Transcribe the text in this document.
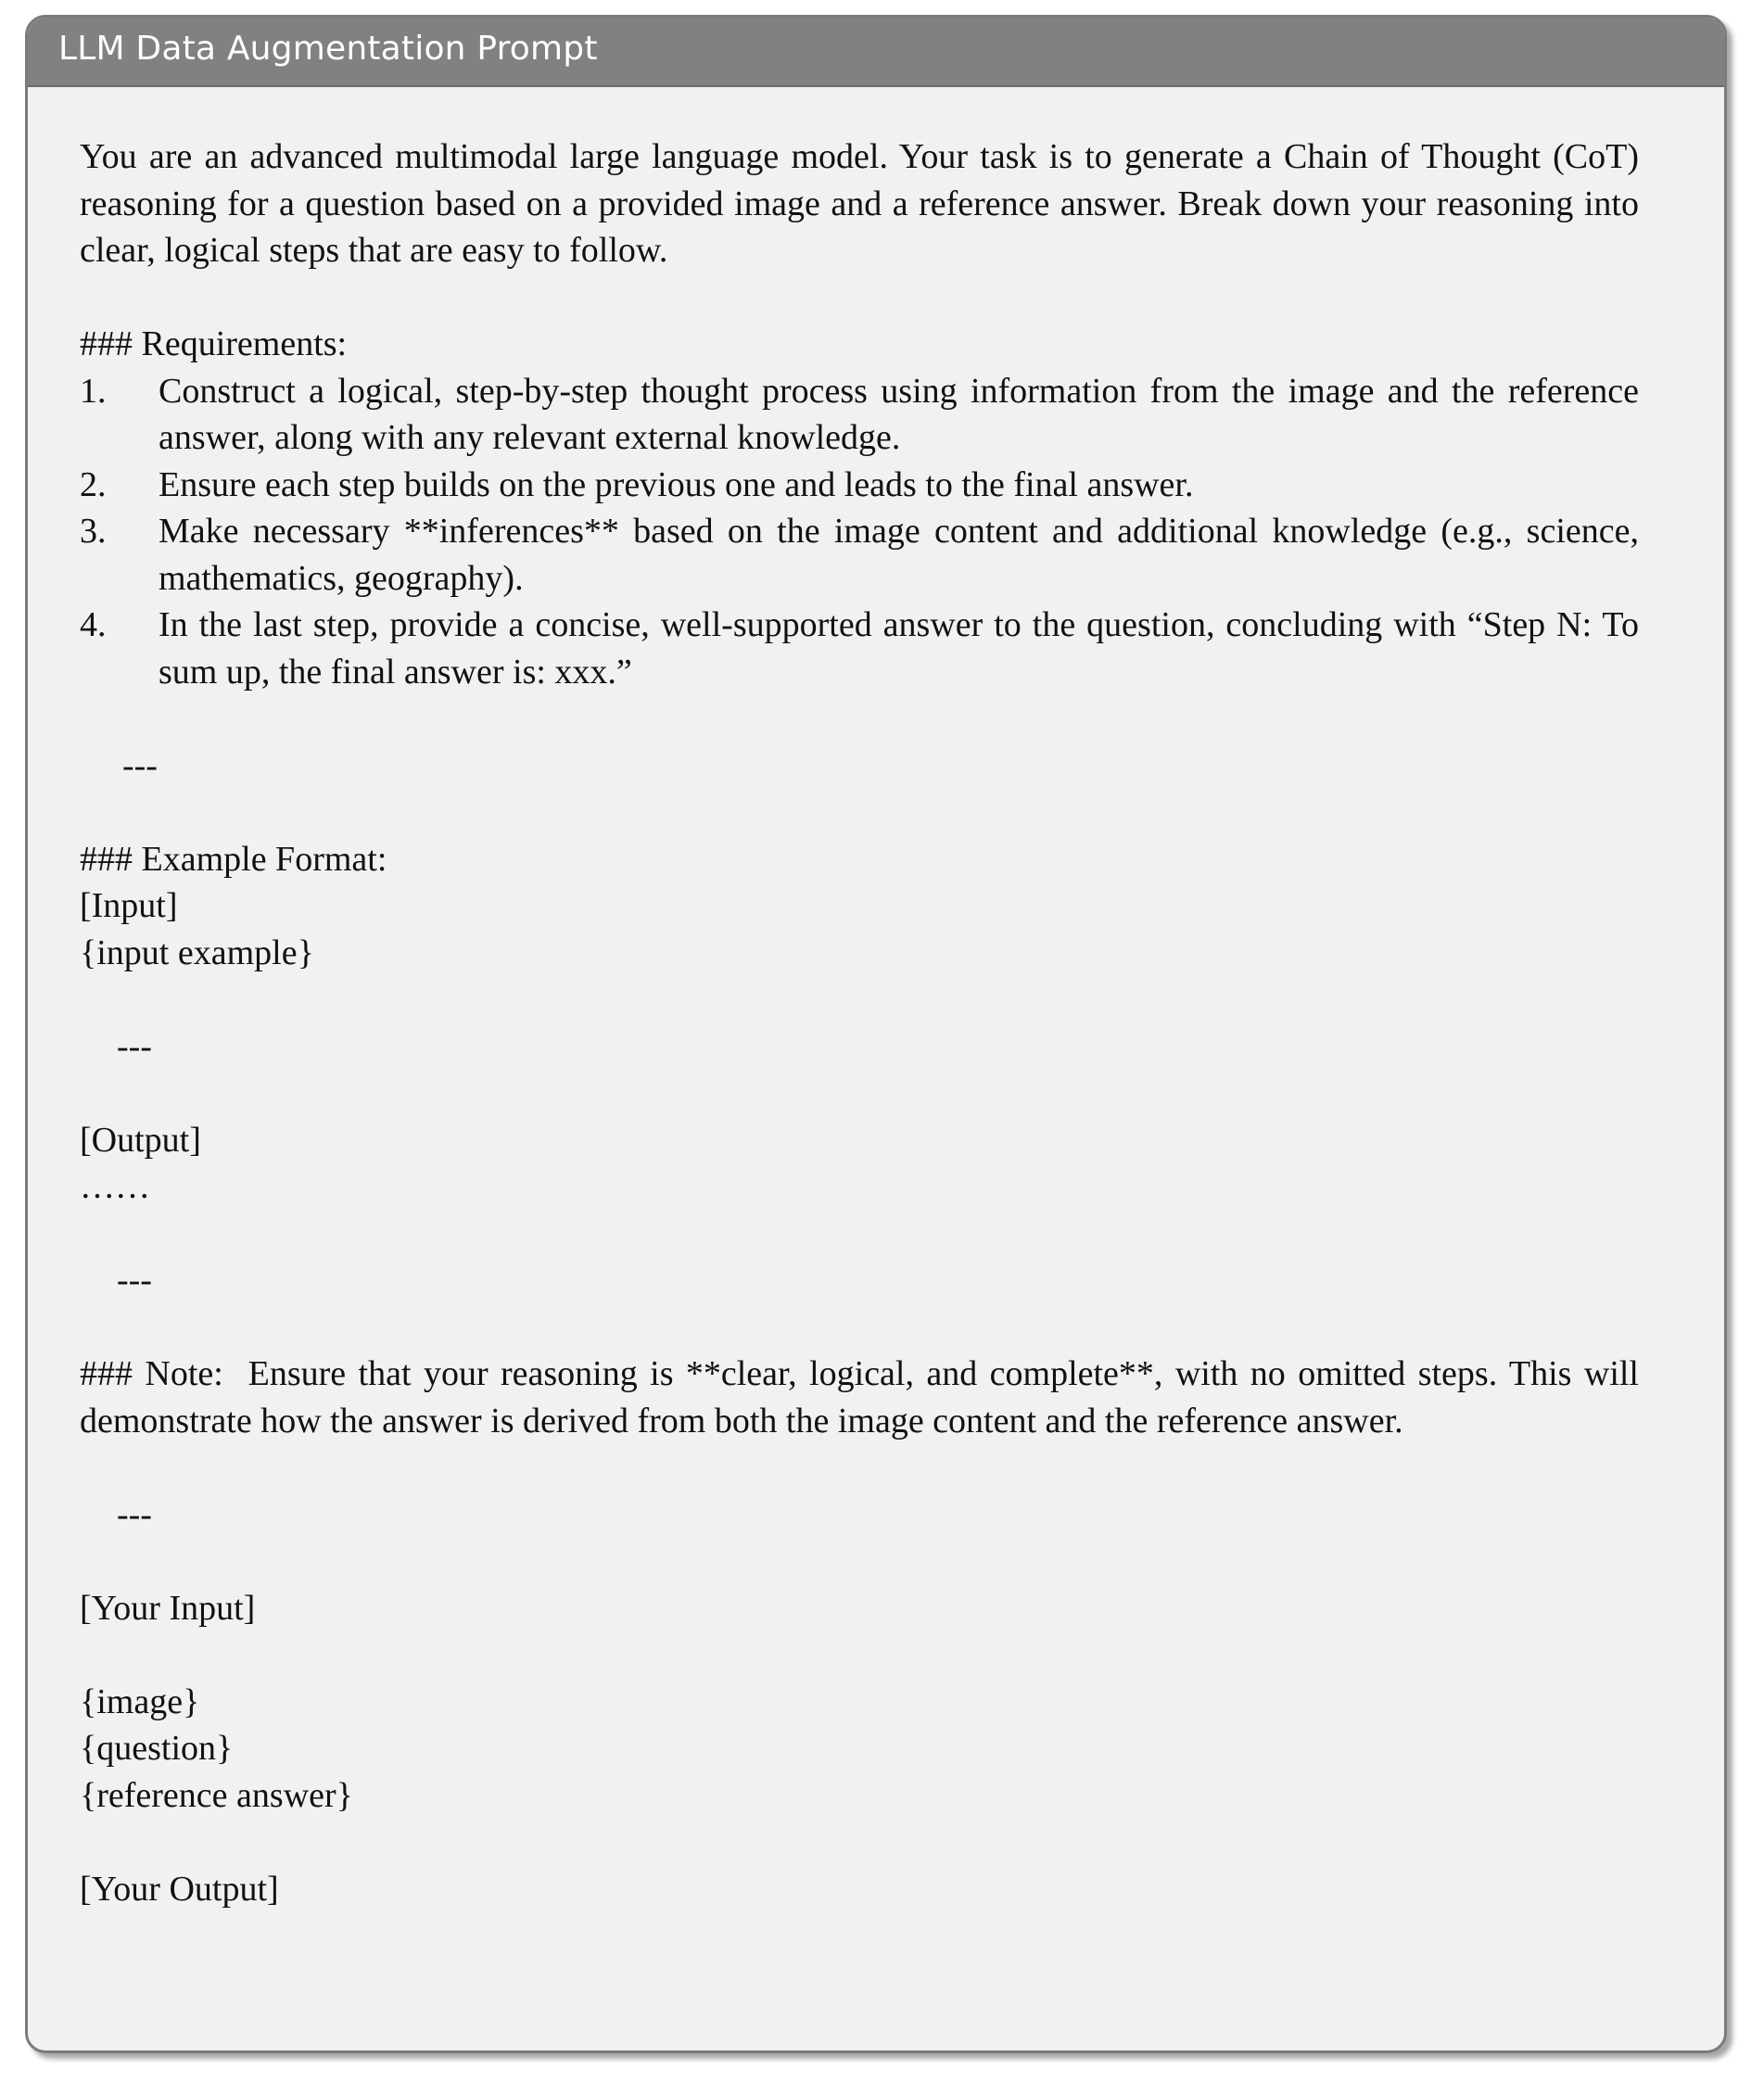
LLM Data Augmentation Prompt

You are an advanced multimodal large language model. Your task is to generate a Chain of Thought (CoT) reasoning for a question based on a provided image and a reference answer. Break down your reasoning into clear, logical steps that are easy to follow.

### Requirements:

1. Construct a logical, step-by-step thought process using information from the image and the reference answer, along with any relevant external knowledge.
2. Ensure each step builds on the previous one and leads to the final answer.
3. Make necessary **inferences** based on the image content and additional knowledge (e.g., science, mathematics, geography).
4. In the last step, provide a concise, well-supported answer to the question, concluding with “Step N: To sum up, the final answer is: xxx.”

---

### Example Format:

[Input]

{input example}

---

[Output]

……

---

### Note:  Ensure that your reasoning is **clear, logical, and complete**, with no omitted steps. This will demonstrate how the answer is derived from both the image content and the reference answer.

---

[Your Input]

{image}

{question}

{reference answer}

[Your Output]
